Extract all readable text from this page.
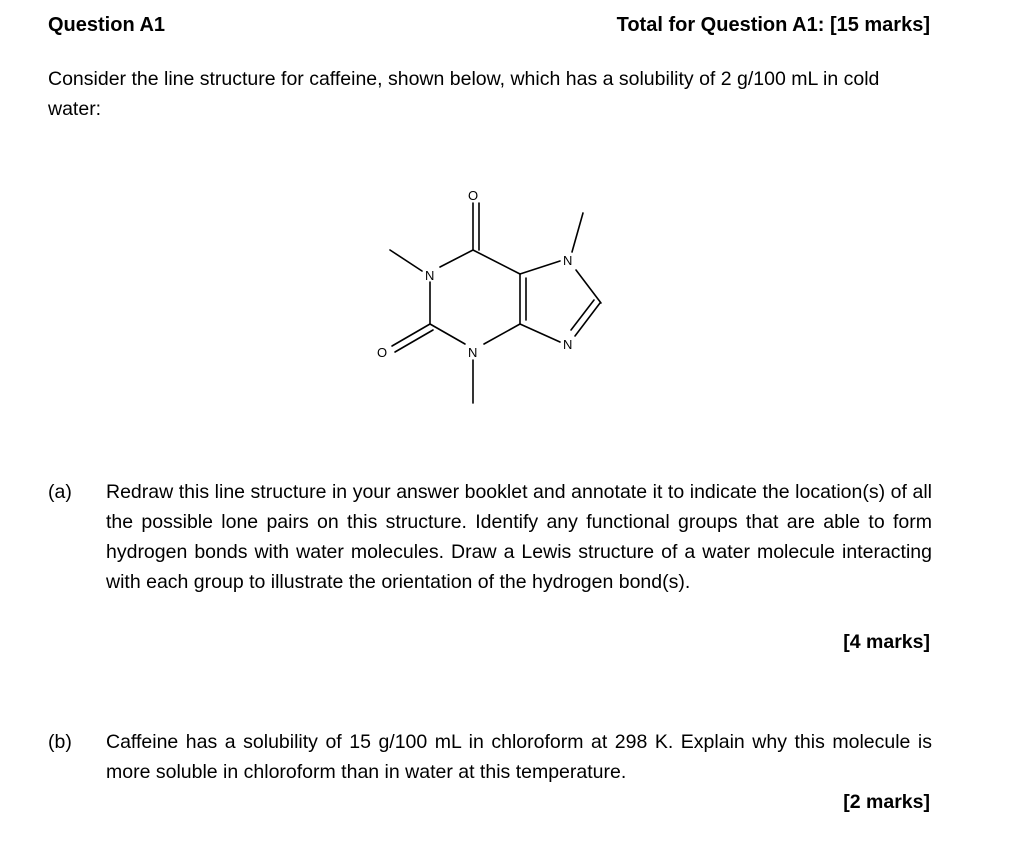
Question A1	Total for Question A1: [15 marks]
Consider the line structure for caffeine, shown below, which has a solubility of 2 g/100 mL in cold water:
O
O
N
N
N
N
(a) Redraw this line structure in your answer booklet and annotate it to indicate the location(s) of all the possible lone pairs on this structure. Identify any functional groups that are able to form hydrogen bonds with water molecules. Draw a Lewis structure of a water molecule interacting with each group to illustrate the orientation of the hydrogen bond(s).
[4 marks]
(b) Caffeine has a solubility of 15 g/100 mL in chloroform at 298 K. Explain why this molecule is more soluble in chloroform than in water at this temperature.
[2 marks]
